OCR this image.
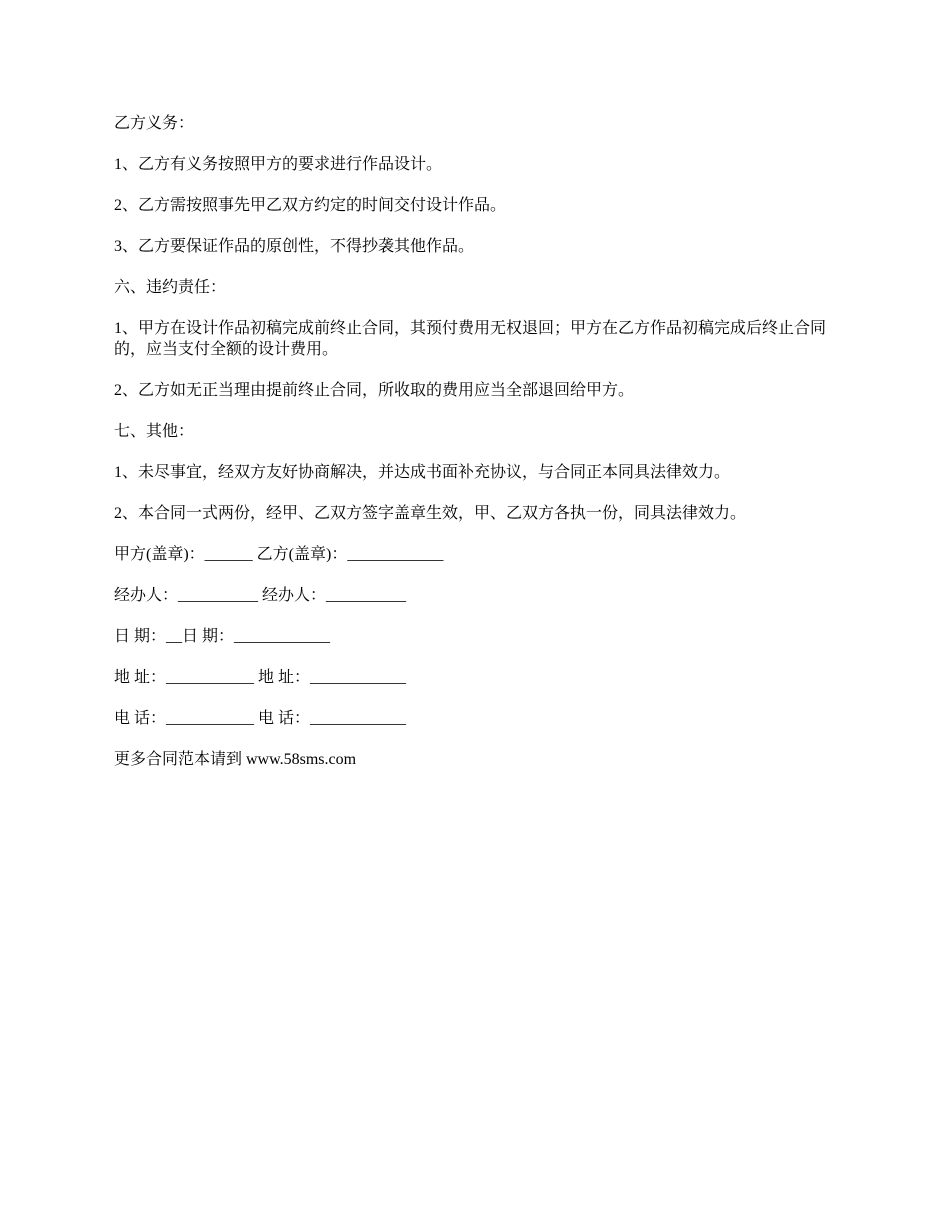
乙方义务：

1、乙方有义务按照甲方的要求进行作品设计。

2、乙方需按照事先甲乙双方约定的时间交付设计作品。

3、乙方要保证作品的原创性，不得抄袭其他作品。

六、违约责任：

1、甲方在设计作品初稿完成前终止合同，其预付费用无权退回；甲方在乙方作品初稿完成后终止合同的，应当支付全额的设计费用。

2、乙方如无正当理由提前终止合同，所收取的费用应当全部退回给甲方。

七、其他：

1、未尽事宜，经双方友好协商解决，并达成书面补充协议，与合同正本同具法律效力。

2、本合同一式两份，经甲、乙双方签字盖章生效，甲、乙双方各执一份，同具法律效力。

甲方(盖章)：______ 乙方(盖章)：____________

经办人：__________ 经办人：__________

日 期：__日 期：____________

地 址：___________ 地 址：____________

电 话：___________ 电 话：____________

更多合同范本请到 www.58sms.com
